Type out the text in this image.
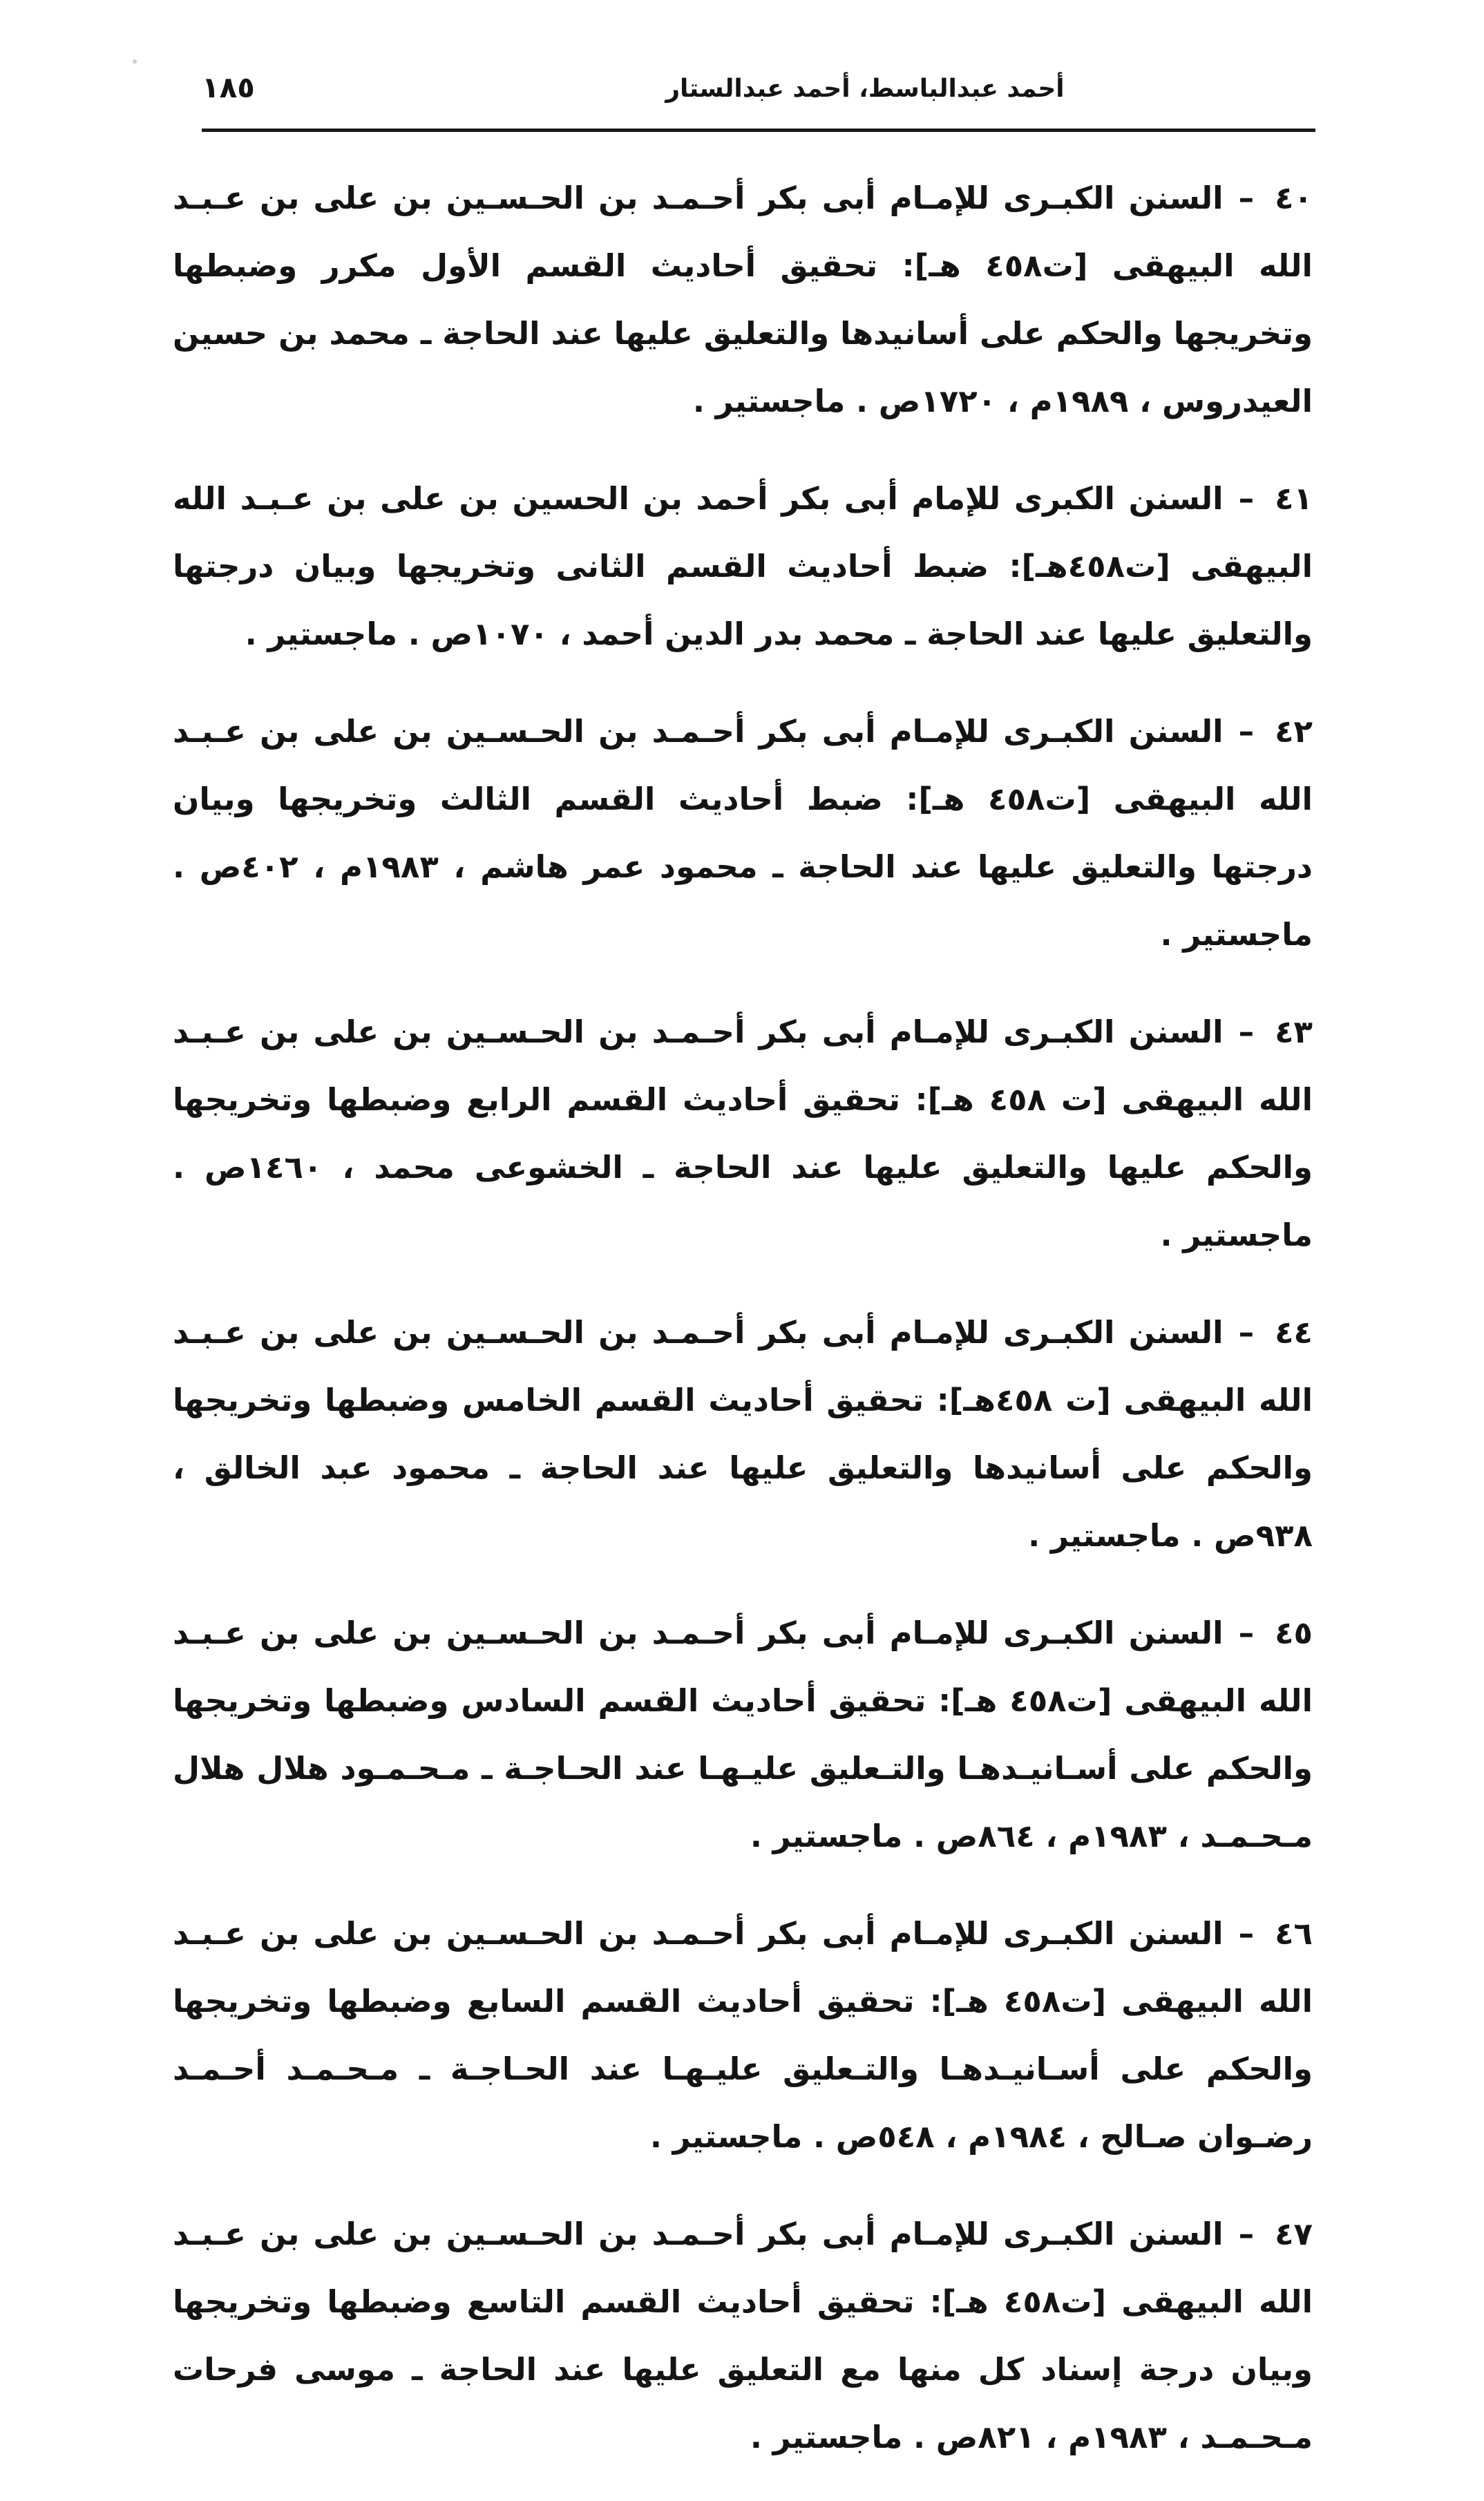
١٨٥	أحمد عبدالباسط، أحمد عبدالستار

٤٠–السنن الكبـرى للإمـام أبى بكر أحـمـد بن الحـسـين بن على بن عـبـد الله البيهقى [ت٤٥٨ هـ]: تحقيق أحاديث القسم الأول مكرر وضبطها وتخريجها والحكم على أسانيدها والتعليق عليها عند الحاجة ـ محمد بن حسين العيدروس ، ١٩٨٩م ، ١٧٢٠ص . ماجستير .

٤١–السنن الكبرى للإمام أبى بكر أحمد بن الحسين بن على بن عـبـد الله البيهقى [ت٤٥٨هـ]: ضبط أحاديث القسم الثانى وتخريجها وبيان درجتها والتعليق عليها عند الحاجة ـ محمد بدر الدين أحمد ، ١٠٧٠ص . ماجستير .

٤٢–السنن الكبـرى للإمـام أبى بكر أحـمـد بن الحـسـين بن على بن عـبـد الله البيهقى [ت٤٥٨ هـ]: ضبط أحاديث القسم الثالث وتخريجها وبيان درجتها والتعليق عليها عند الحاجة ـ محمود عمر هاشم ، ١٩٨٣م ، ٤٠٢ص . ماجستير .

٤٣–السنن الكبـرى للإمـام أبى بكر أحـمـد بن الحـسـين بن على بن عـبـد الله البيهقى [ت ٤٥٨ هـ]: تحقيق أحاديث القسم الرابع وضبطها وتخريجها والحكم عليها والتعليق عليها عند الحاجة ـ الخشوعى محمد ، ١٤٦٠ص . ماجستير .

٤٤–السنن الكبـرى للإمـام أبى بكر أحـمـد بن الحـسـين بن على بن عـبـد الله البيهقى [ت ٤٥٨هـ]: تحقيق أحاديث القسم الخامس وضبطها وتخريجها والحكم على أسانيدها والتعليق عليها عند الحاجة ـ محمود عبد الخالق ، ٩٣٨ص . ماجستير .

٤٥–السنن الكبـرى للإمـام أبى بكر أحـمـد بن الحـسـين بن على بن عـبـد الله البيهقى [ت٤٥٨ هـ]: تحقيق أحاديث القسم السادس وضبطها وتخريجها والحكم على أسـانيـدهـا والتـعليق عليـهـا عند الحـاجـة ـ مـحـمـود هلال هلال مـحـمـد ، ١٩٨٣م ، ٨٦٤ص . ماجستير .

٤٦–السنن الكبـرى للإمـام أبى بكر أحـمـد بن الحـسـين بن على بن عـبـد الله البيهقى [ت٤٥٨ هـ]: تحقيق أحاديث القسم السابع وضبطها وتخريجها والحكم على أسـانيـدهـا والتـعليق عليـهـا عند الحـاجـة ـ مـحـمـد أحـمـد رضـوان صـالح ، ١٩٨٤م ، ٥٤٨ص . ماجستير .

٤٧–السنن الكبـرى للإمـام أبى بكر أحـمـد بن الحـسـين بن على بن عـبـد الله البيهقى [ت٤٥٨ هـ]: تحقيق أحاديث القسم التاسع وضبطها وتخريجها وبيان درجة إسناد كل منها مع التعليق عليها عند الحاجة ـ موسى فرحات مـحـمـد ، ١٩٨٣م ، ٨٢١ص . ماجستير .
